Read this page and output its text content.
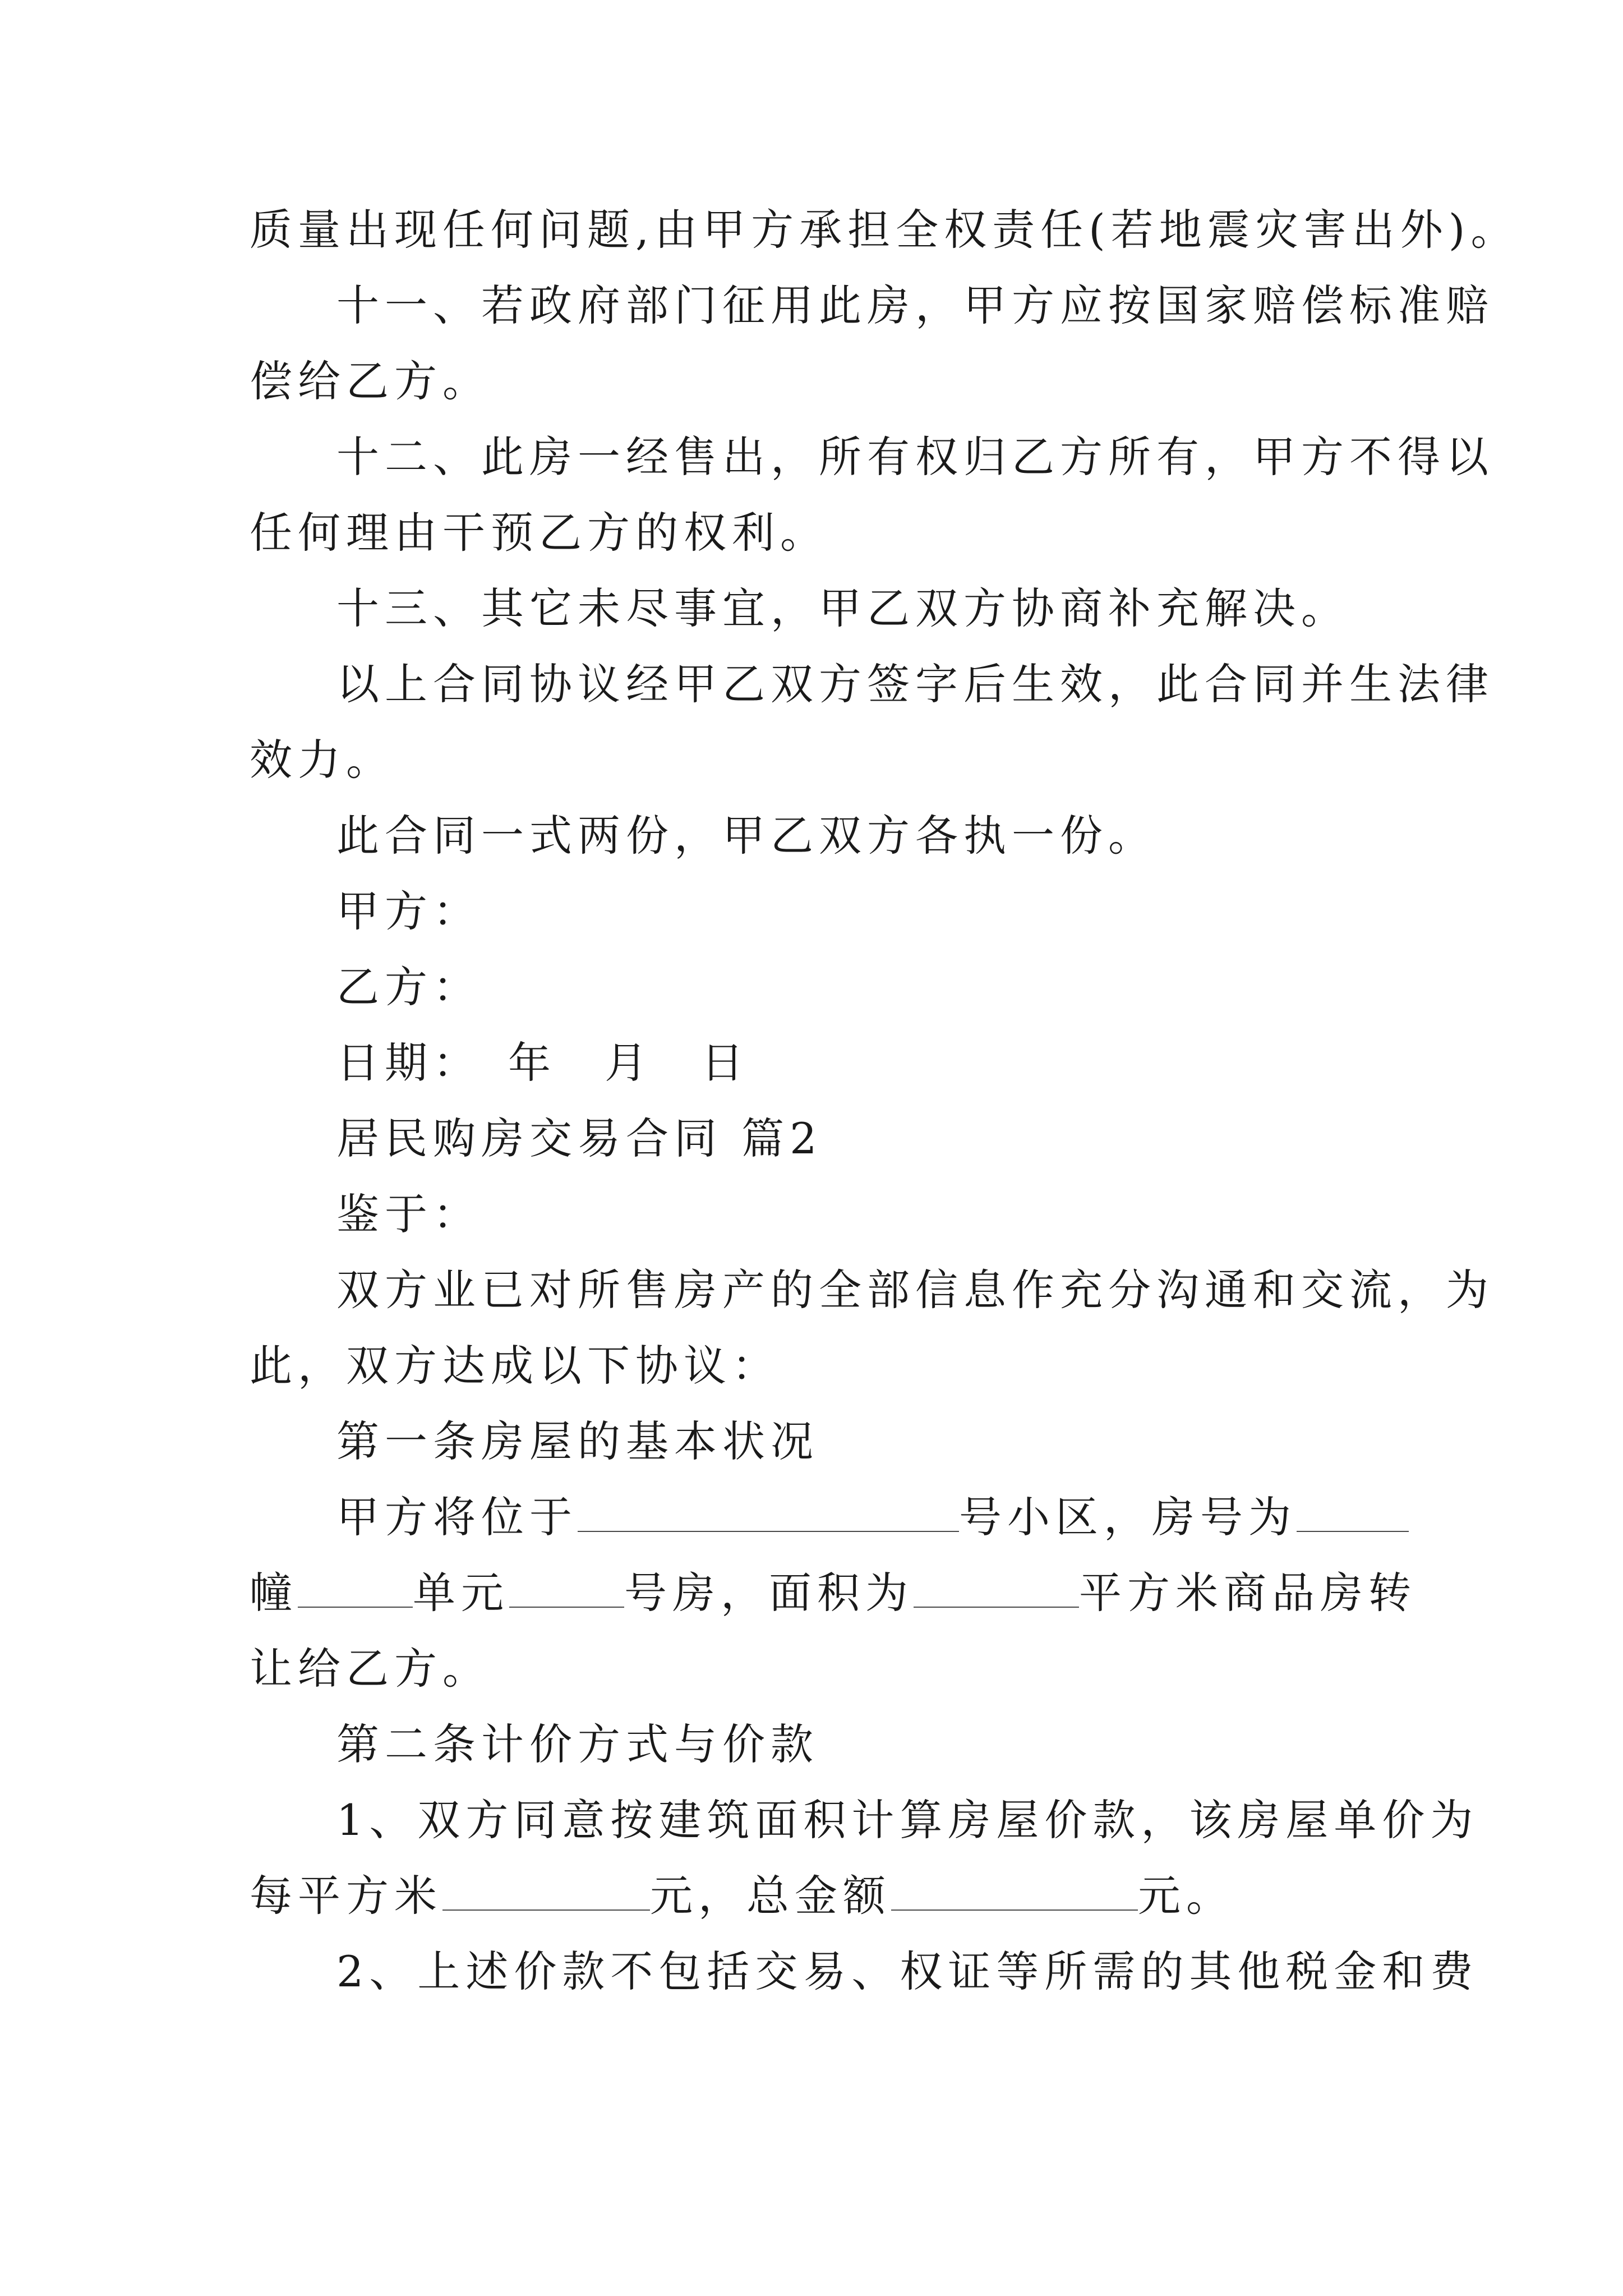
质量出现任何问题,由甲方承担全权责任(若地震灾害出外)。
十一、若政府部门征用此房，甲方应按国家赔偿标准赔
偿给乙方。
十二、此房一经售出，所有权归乙方所有，甲方不得以
任何理由干预乙方的权利。
十三、其它未尽事宜，甲乙双方协商补充解决。
以上合同协议经甲乙双方签字后生效，此合同并生法律
效力。
此合同一式两份，甲乙双方各执一份。
甲方：
乙方：
日期：　年　月　日
居民购房交易合同 篇2
鉴于：
双方业已对所售房产的全部信息作充分沟通和交流，为
此，双方达成以下协议：
第一条房屋的基本状况
甲方将位于	号小区，房号为
幢	单元	号房，面积为	平方米商品房转
让给乙方。
第二条计价方式与价款
1、双方同意按建筑面积计算房屋价款，该房屋单价为
每平方米	元，总金额	元。
2、上述价款不包括交易、权证等所需的其他税金和费
